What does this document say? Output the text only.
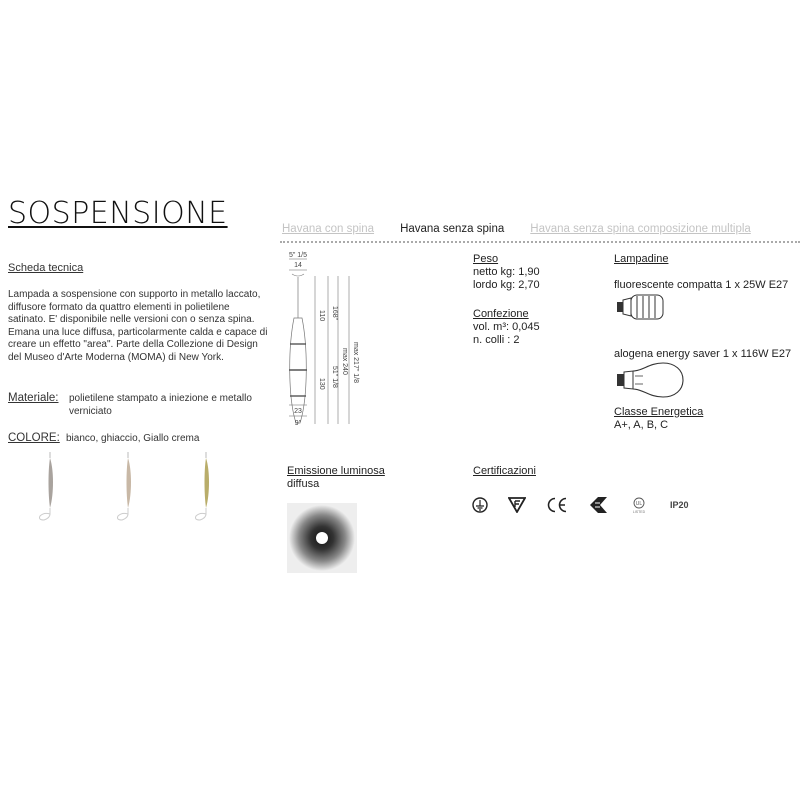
SOSPENSIONE	Havana con spina Havana senza spina Havana senza spina composizione multipla
Scheda tecnica
Lampada a sospensione con supporto in metallo laccato, diffusore formato da quattro elementi in polietilene satinato. E' disponibile nelle versioni con o senza spina. Emana una luce diffusa, particolarmente calda e capace di creare un effetto "area". Parte della Collezione di Design del Museo d'Arte Moderna (MOMA) di New York.
Materiale: polietilene stampato a iniezione e metallo verniciato
COLORE: bianco, ghiaccio, Giallo crema
5" 1/5
14
110 168"
130 51" 1/8
max 240 max 217" 1/8
23
9"
Peso
netto kg: 1,90
lordo kg: 2,70
Confezione
vol. m³: 0,045
n. colli : 2
Lampadine
fluorescente compatta 1 x 25W E27
alogena energy saver 1 x 116W E27
Classe Energetica
A+, A, B, C
Emissione luminosa
diffusa
Certificazioni
UL
LISTED
IP20
